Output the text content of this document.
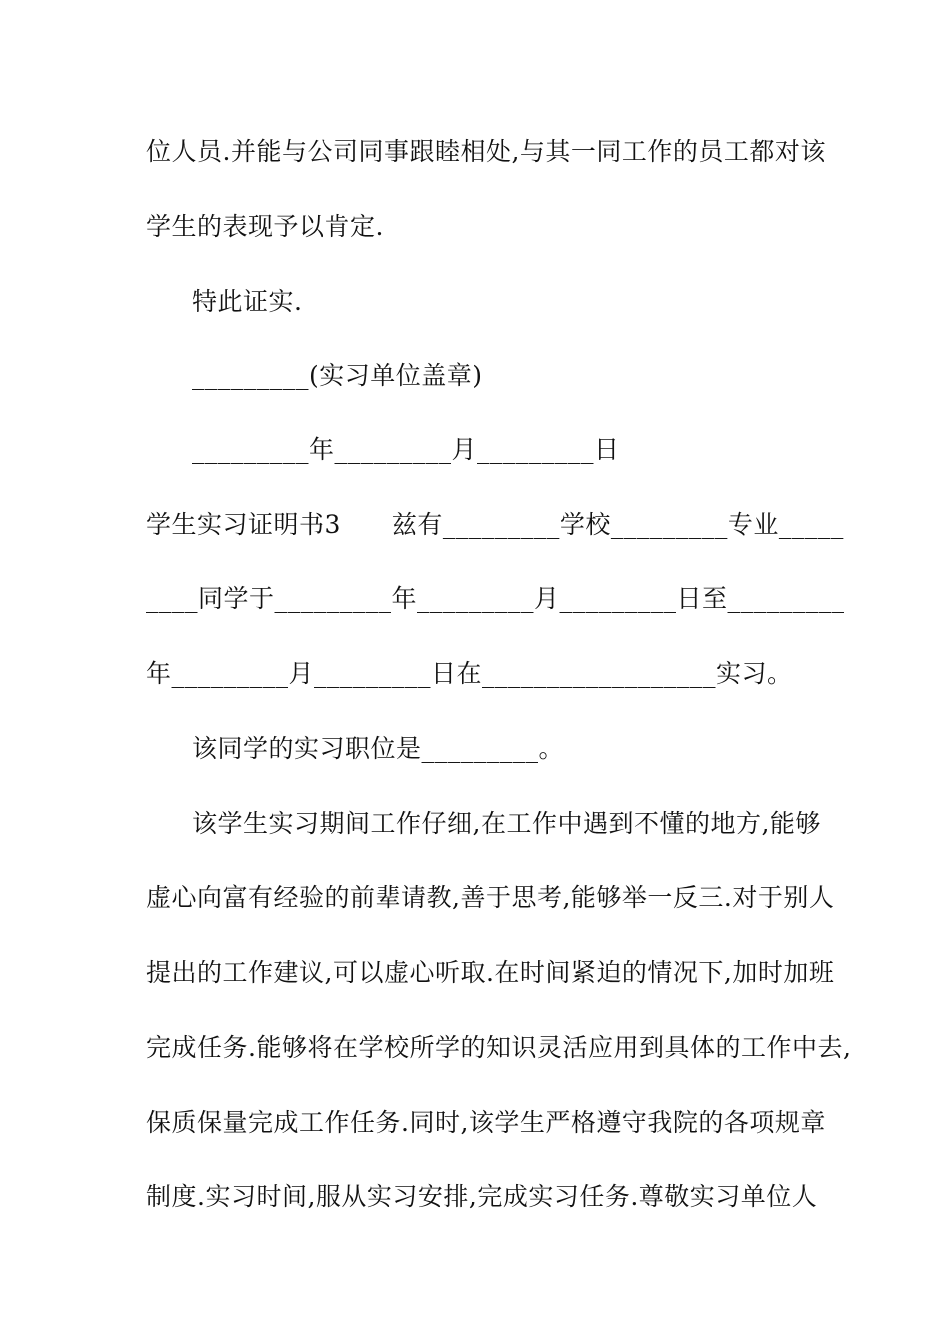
位人员.并能与公司同事跟睦相处,与其一同工作的员工都对该
学生的表现予以肯定.
特此证实.
_________(实习单位盖章)
_________年_________月_________日
学生实习证明书3　　兹有_________学校_________专业_____
____同学于_________年_________月_________日至_________
年_________月_________日在__________________实习。
该同学的实习职位是_________。
该学生实习期间工作仔细,在工作中遇到不懂的地方,能够
虚心向富有经验的前辈请教,善于思考,能够举一反三.对于别人
提出的工作建议,可以虚心听取.在时间紧迫的情况下,加时加班
完成任务.能够将在学校所学的知识灵活应用到具体的工作中去,
保质保量完成工作任务.同时,该学生严格遵守我院的各项规章
制度.实习时间,服从实习安排,完成实习任务.尊敬实习单位人
